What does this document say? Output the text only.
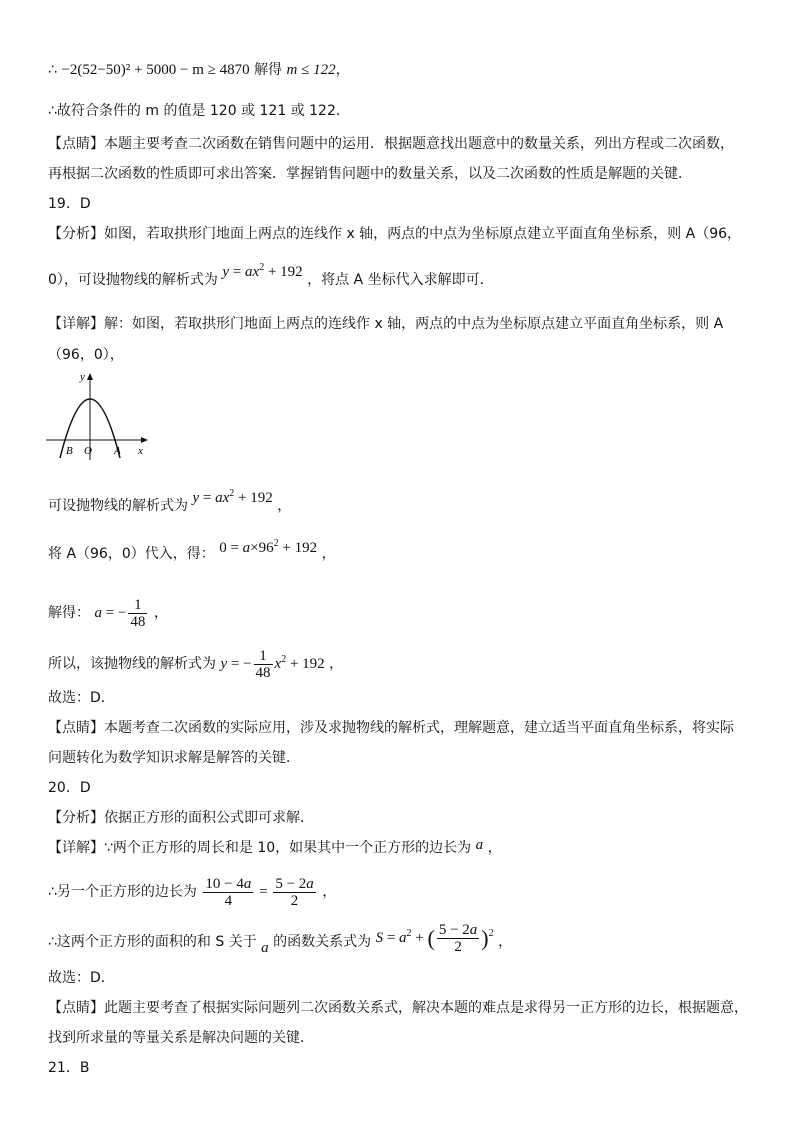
∴ −2(52−50)² + 5000 − m ≥ 4870 解得 m ≤ 122，
∴故符合条件的 m 的值是 120 或 121 或 122．
【点睛】本题主要考查二次函数在销售问题中的运用．根据题意找出题意中的数量关系，列出方程或二次函数，
再根据二次函数的性质即可求出答案．掌握销售问题中的数量关系，以及二次函数的性质是解题的关键．
19．D
【分析】如图，若取拱形门地面上两点的连线作 x 轴，两点的中点为坐标原点建立平面直角坐标系，则 A（96，
0），可设抛物线的解析式为 $y = ax^2 + 192$ ，将点 A 坐标代入求解即可．
【详解】解：如图，若取拱形门地面上两点的连线作 x 轴，两点的中点为坐标原点建立平面直角坐标系，则 A
（96，0），
y
x
B O A
可设抛物线的解析式为 $y = ax^2 + 192$ ，
将 A（96，0）代入，得： $0 = a\times 96^2 + 192$ ，
解得： a = − $\frac{1}{48}$ ，
所以，该抛物线的解析式为 y = − $\frac{1}{48} x^2 + 192$ ，
故选：D．
【点睛】本题考查二次函数的实际应用，涉及求抛物线的解析式，理解题意，建立适当平面直角坐标系，将实际
问题转化为数学知识求解是解答的关键．
20．D
【分析】依据正方形的面积公式即可求解．
【详解】∵两个正方形的周长和是 10，如果其中一个正方形的边长为 a ，
∴另一个正方形的边长为 $\frac{10 - 4a}{4} = \frac{5 - 2a}{2}$ ，
∴这两个正方形的面积的和 S 关于 a 的函数关系式为 $S = a^2$ + ( $\frac{5 - 2a}{2} )^2$ ，
故选：D．
【点睛】此题主要考查了根据实际问题列二次函数关系式，解决本题的难点是求得另一正方形的边长，根据题意，
找到所求量的等量关系是解决问题的关键．
21．B
